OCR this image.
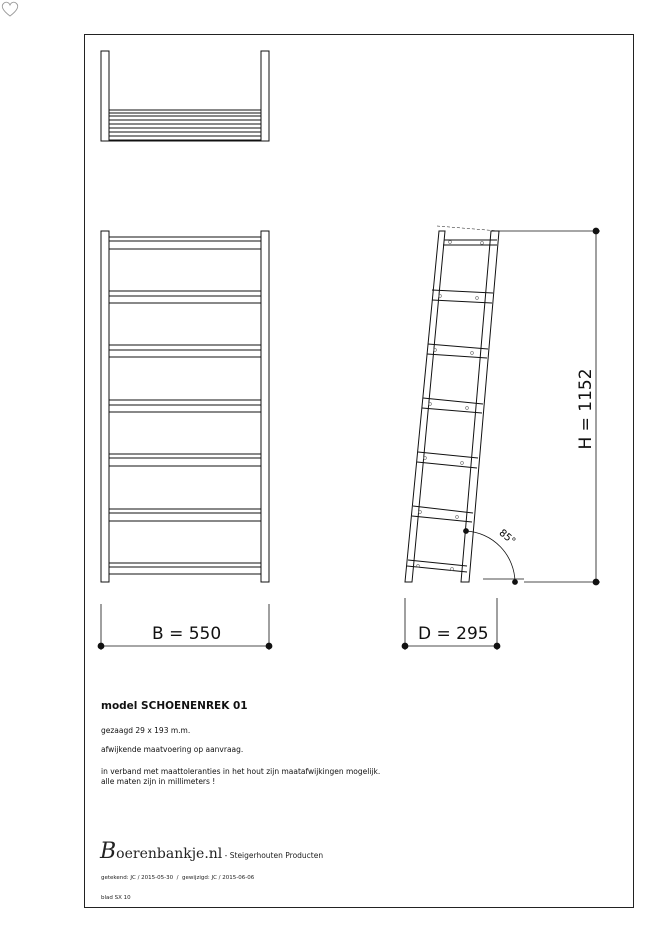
B = 550	D = 295
H = 1152
85°
model SCHOENENREK 01
gezaagd 29 x 193 m.m.
afwijkende maatvoering op aanvraag.
in verband met maattoleranties in het hout zijn maatafwijkingen mogelijk.
alle maten zijn in millimeters !
Boerenbankje.nl - Steigerhouten Producten
getekend: JC / 2015-05-30 / gewijzigd: JC / 2015-06-06
blad SX 10
